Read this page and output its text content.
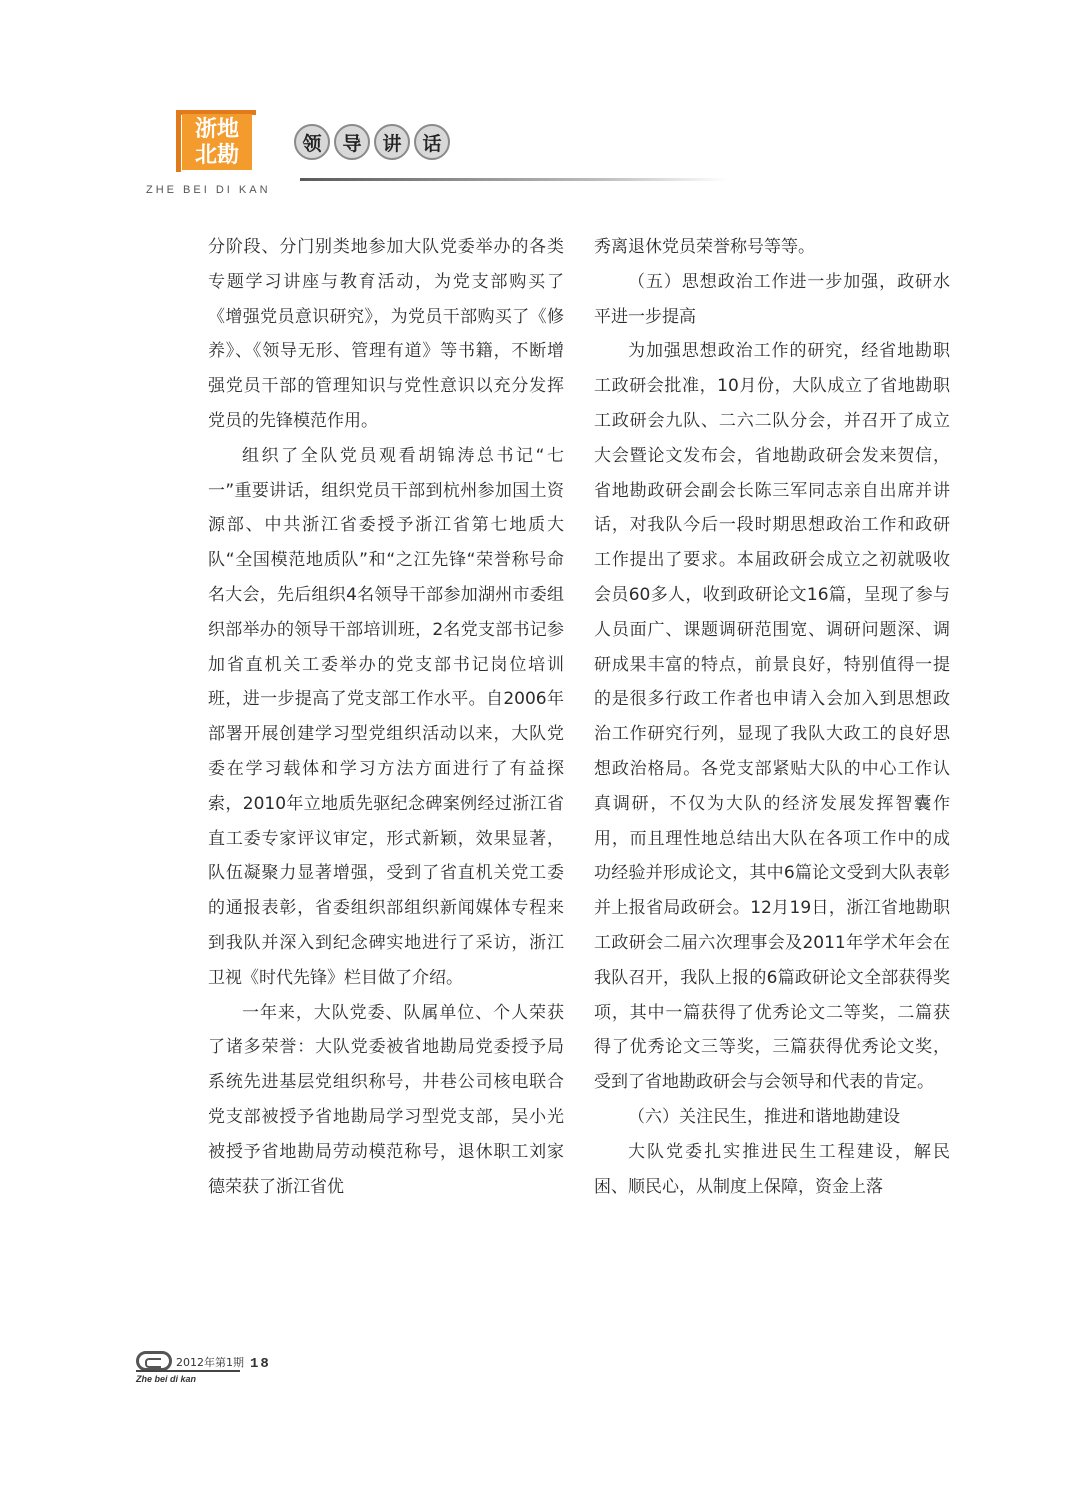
浙地
北勘
ZHE BEI DI KAN
领	导	讲	话

分阶段、分门别类地参加大队党委举办的各类专题学习讲座与教育活动，为党支部购买了《增强党员意识研究》，为党员干部购买了《修养》、《领导无形、管理有道》等书籍，不断增强党员干部的管理知识与党性意识以充分发挥党员的先锋模范作用。

组织了全队党员观看胡锦涛总书记“七一”重要讲话，组织党员干部到杭州参加国土资源部、中共浙江省委授予浙江省第七地质大队“全国模范地质队”和“之江先锋“荣誉称号命名大会，先后组织4名领导干部参加湖州市委组织部举办的领导干部培训班，2名党支部书记参加省直机关工委举办的党支部书记岗位培训班，进一步提高了党支部工作水平。自2006年部署开展创建学习型党组织活动以来，大队党委在学习载体和学习方法方面进行了有益探索，2010年立地质先驱纪念碑案例经过浙江省直工委专家评议审定，形式新颖，效果显著，队伍凝聚力显著增强，受到了省直机关党工委的通报表彰，省委组织部组织新闻媒体专程来到我队并深入到纪念碑实地进行了采访，浙江卫视《时代先锋》栏目做了介绍。

一年来，大队党委、队属单位、个人荣获了诸多荣誉：大队党委被省地勘局党委授予局系统先进基层党组织称号，井巷公司核电联合党支部被授予省地勘局学习型党支部，吴小光被授予省地勘局劳动模范称号，退休职工刘家德荣获了浙江省优

秀离退休党员荣誉称号等等。

（五）思想政治工作进一步加强，政研水平进一步提高

为加强思想政治工作的研究，经省地勘职工政研会批准，10月份，大队成立了省地勘职工政研会九队、二六二队分会，并召开了成立大会暨论文发布会，省地勘政研会发来贺信，省地勘政研会副会长陈三军同志亲自出席并讲话，对我队今后一段时期思想政治工作和政研工作提出了要求。本届政研会成立之初就吸收会员60多人，收到政研论文16篇，呈现了参与人员面广、课题调研范围宽、调研问题深、调研成果丰富的特点，前景良好，特别值得一提的是很多行政工作者也申请入会加入到思想政治工作研究行列，显现了我队大政工的良好思想政治格局。各党支部紧贴大队的中心工作认真调研，不仅为大队的经济发展发挥智囊作用，而且理性地总结出大队在各项工作中的成功经验并形成论文，其中6篇论文受到大队表彰并上报省局政研会。12月19日，浙江省地勘职工政研会二届六次理事会及2011年学术年会在我队召开，我队上报的6篇政研论文全部获得奖项，其中一篇获得了优秀论文二等奖，二篇获得了优秀论文三等奖，三篇获得优秀论文奖，受到了省地勘政研会与会领导和代表的肯定。

（六）关注民生，推进和谐地勘建设

大队党委扎实推进民生工程建设，解民困、顺民心，从制度上保障，资金上落

2012年第1期 18
Zhe bei di kan
